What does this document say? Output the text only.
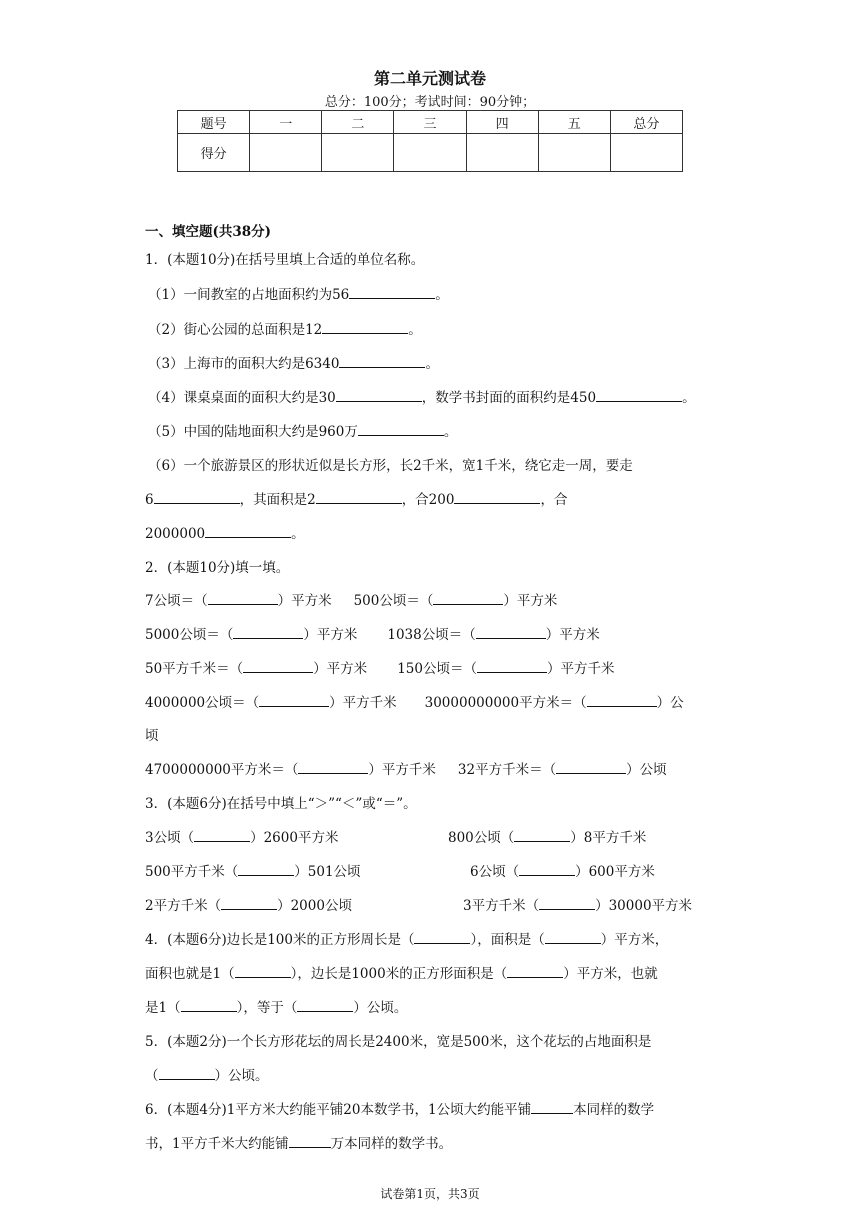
第二单元测试卷
总分：100分；考试时间：90分钟；
题号	一	二	三	四	五	总分
得分						
一、填空题(共38分)
1．(本题10分)在括号里填上合适的单位名称。
（1）一间教室的占地面积约为56	。
（2）街心公园的总面积是12	。
（3）上海市的面积大约是6340	。
（4）课桌桌面的面积大约是30	，数学书封面的面积约是450	。
（5）中国的陆地面积大约是960万	。
（6）一个旅游景区的形状近似是长方形，长2千米，宽1千米，绕它走一周，要走
6	，其面积是2	，合200	，合
2000000	。
2．(本题10分)填一填。
7公顷＝（	）平方米 500公顷＝（	）平方米
5000公顷＝（	）平方米 1038公顷＝（	）平方米
50平方千米＝（	）平方米 150公顷＝（	）平方千米
4000000公顷＝（	）平方千米 30000000000平方米＝（	）公
顷
4700000000平方米＝（	）平方千米 32平方千米＝（	）公顷
3．(本题6分)在括号中填上“＞”“＜”或“＝”。
3公顷（	）2600平方米	800公顷（	）8平方千米
500平方千米（	）501公顷	6公顷（	）600平方米
2平方千米（	）2000公顷	3平方千米（	）30000平方米
4．(本题6分)边长是100米的正方形周长是（	），面积是（	）平方米，
面积也就是1（	），边长是1000米的正方形面积是（	）平方米，也就
是1（	），等于（	）公顷。
5．(本题2分)一个长方形花坛的周长是2400米，宽是500米，这个花坛的占地面积是
（	）公顷。
6．(本题4分)1平方米大约能平铺20本数学书，1公顷大约能平铺	本同样的数学
书，1平方千米大约能铺	万本同样的数学书。
试卷第1页，共3页
